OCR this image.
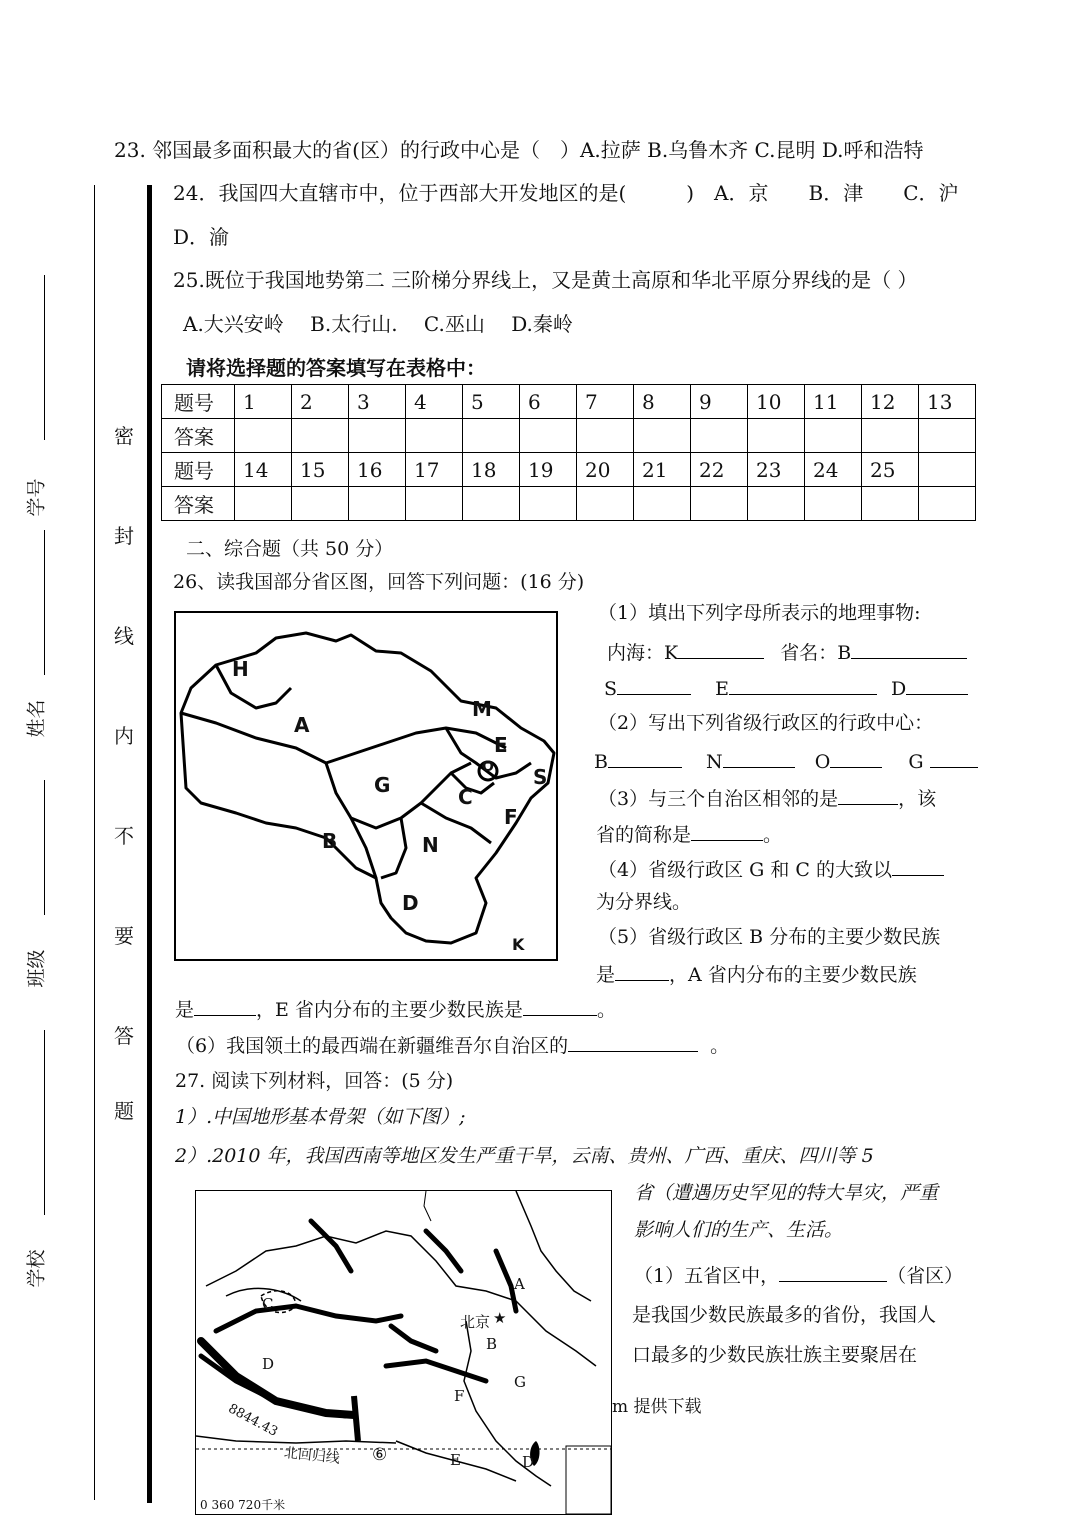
学号
姓名
班级
学校
密
封
线
内
不
要
答
题
23. 邻国最多面积最大的省(区）的行政中心是（　）A.拉萨 B.乌鲁木齐 C.昆明 D.呼和浩特
24．我国四大直辖市中，位于西部大开发地区的是(　　　)　A．京　　B．津　　C．沪
D．渝
25.既位于我国地势第二 三阶梯分界线上，又是黄土高原和华北平原分界线的是（ ）
A.大兴安岭　 B.太行山.　 C.巫山　 D.秦岭
请将选择题的答案填写在表格中：
题号	1	2	3	4	5	6	7	8	9	10	11	12	13
答案													
题号	14	15	16	17	18	19	20	21	22	23	24	25	
答案													
二、综合题（共 50 分）
26、读我国部分省区图，回答下列问题：(16 分)
H
A
M
E
O
G	C
S
B	N
F
D
K
（1）填出下列字母所表示的地理事物:
内海：K	省名：B
S	E	D
（2）写出下列省级行政区的行政中心：
B	N	O	G
（3）与三个自治区相邻的是	，该
省的简称是	。
（4）省级行政区 G 和 C 的大致以
为分界线。
（5）省级行政区 B 分布的主要少数民族
是	，A 省内分布的主要少数民族
是	，E 省内分布的主要少数民族是	。
（6）我国领土的最西端在新疆维吾尔自治区的	。
27. 阅读下列材料，回答：(5 分)
1）.中国地形基本骨架（如下图）;
2）.2010 年，我国西南等地区发生严重干旱，云南、贵州、广西、重庆、四川等 5
省（遭遇历史罕见的特大旱灾，严重
影响人们的生产、生活。
（1）五省区中，	（省区）
是我国少数民族最多的省份，我国人
口最多的少数民族壮族主要聚居在
m 提供下载
A
C
D
北京 ★
B
G
F
E	D
⑥
8844.43
北回归线
0 360 720千米
